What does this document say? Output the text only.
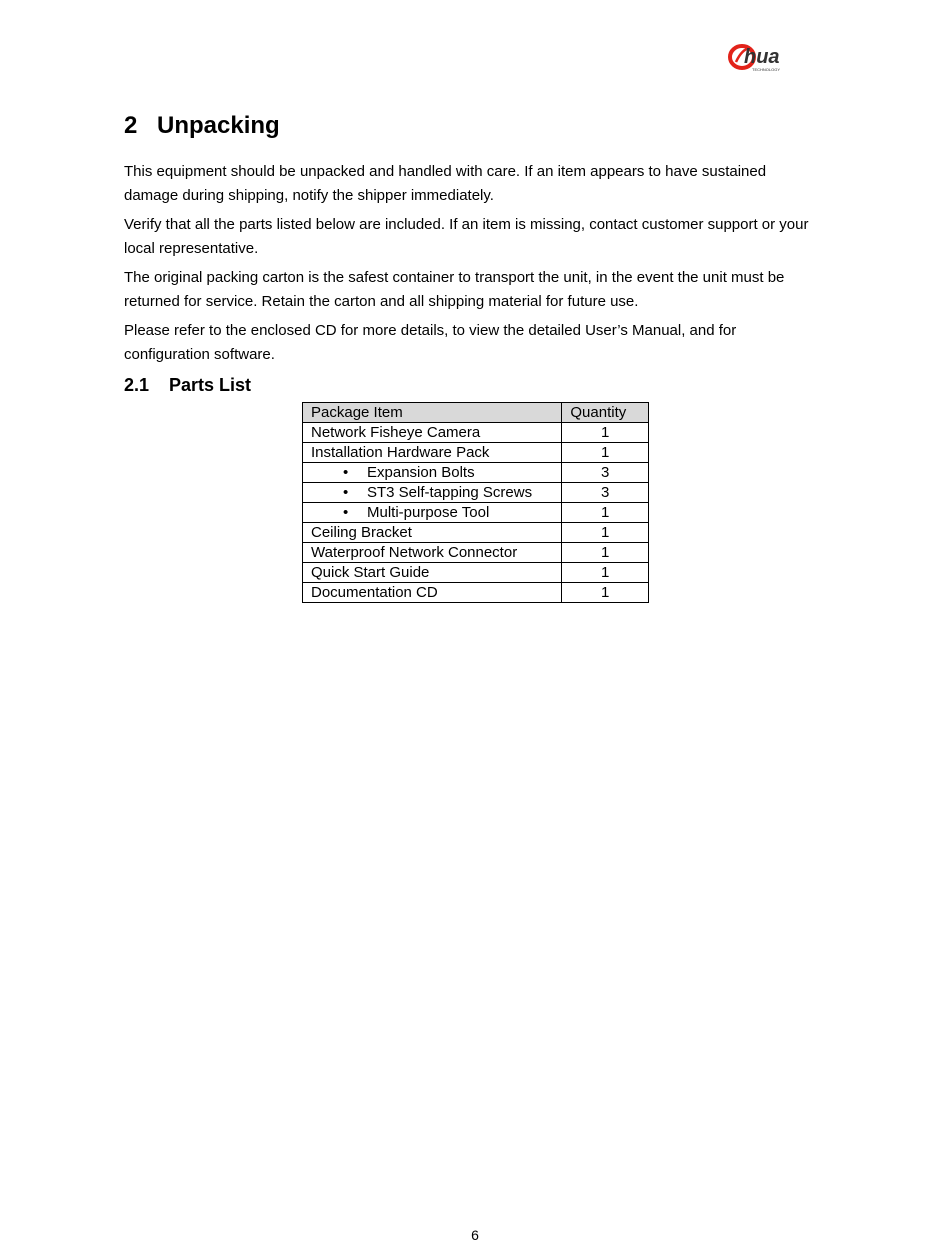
hua
TECHNOLOGY
2 Unpacking

This equipment should be unpacked and handled with care. If an item appears to have sustained damage during shipping, notify the shipper immediately.

Verify that all the parts listed below are included. If an item is missing, contact customer support or your local representative.

The original packing carton is the safest container to transport the unit, in the event the unit must be returned for service. Retain the carton and all shipping material for future use.

Please refer to the enclosed CD for more details, to view the detailed User’s Manual, and for configuration software.

2.1 Parts List
Package Item	Quantity
Network Fisheye Camera	1
Installation Hardware Pack	1
• Expansion Bolts	3
• ST3 Self-tapping Screws	3
• Multi-purpose Tool	1
Ceiling Bracket	1
Waterproof Network Connector	1
Quick Start Guide	1
Documentation CD	1
6
